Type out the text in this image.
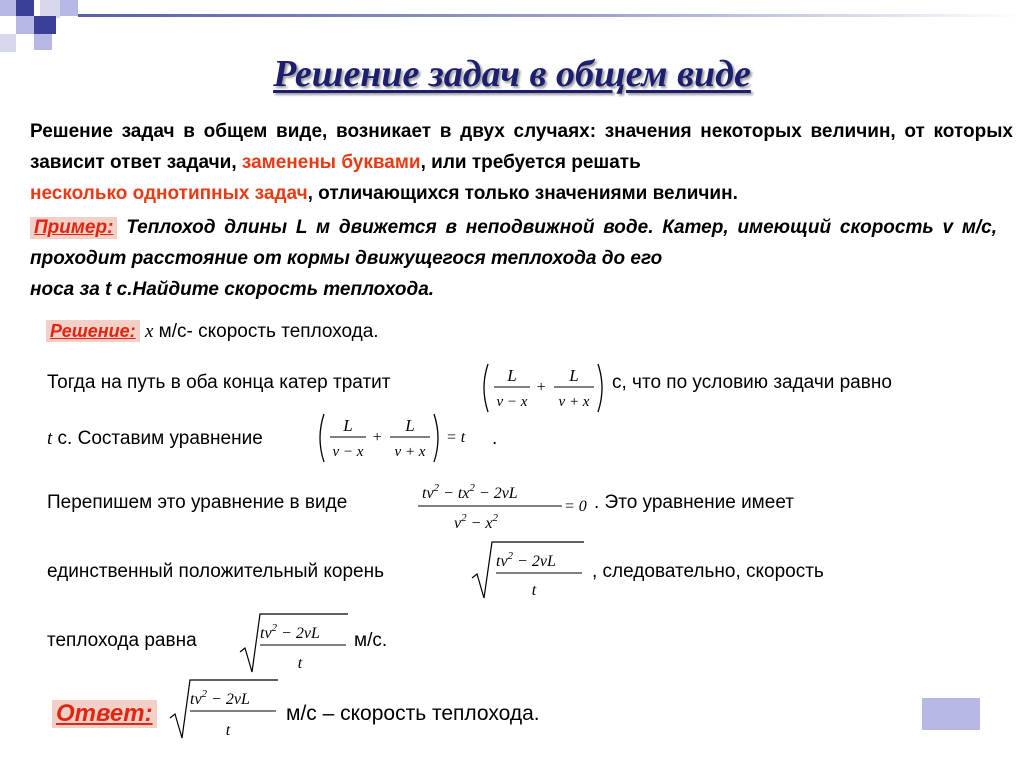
Решение задач в общем виде
Решение задач в общем виде, возникает в двух случаях: значения некоторых величин, от которых зависит ответ задачи, заменены буквами, или требуется решать
несколько однотипных задач, отличающихся только значениями величин.
Пример: Теплоход длины L м движется в неподвижной воде. Катер, имеющий скорость v м/с, проходит расстояние от кормы движущегося теплохода до его
носа за t с.Найдите скорость теплохода.
Решение: x м/с- скорость теплохода.
Тогда на путь в оба конца катер тратит	L
v − x
+
L
v + x
с, что по условию задачи равно
t с. Составим уравнение
L
v − x
+
L
v + x
= t .
Перепишем это уравнение в виде	$tv^2 - tx^2 - 2vL$
$v^2 - x^2$
= 0 . Это уравнение имеет
единственный положительный корень	$tv^2 - 2vL$
t
, следовательно, скорость
теплохода равна	$tv^2 - 2vL$
t
м/с.
Ответ:
$tv^2 - 2vL$
t
м/с – скорость теплохода.
